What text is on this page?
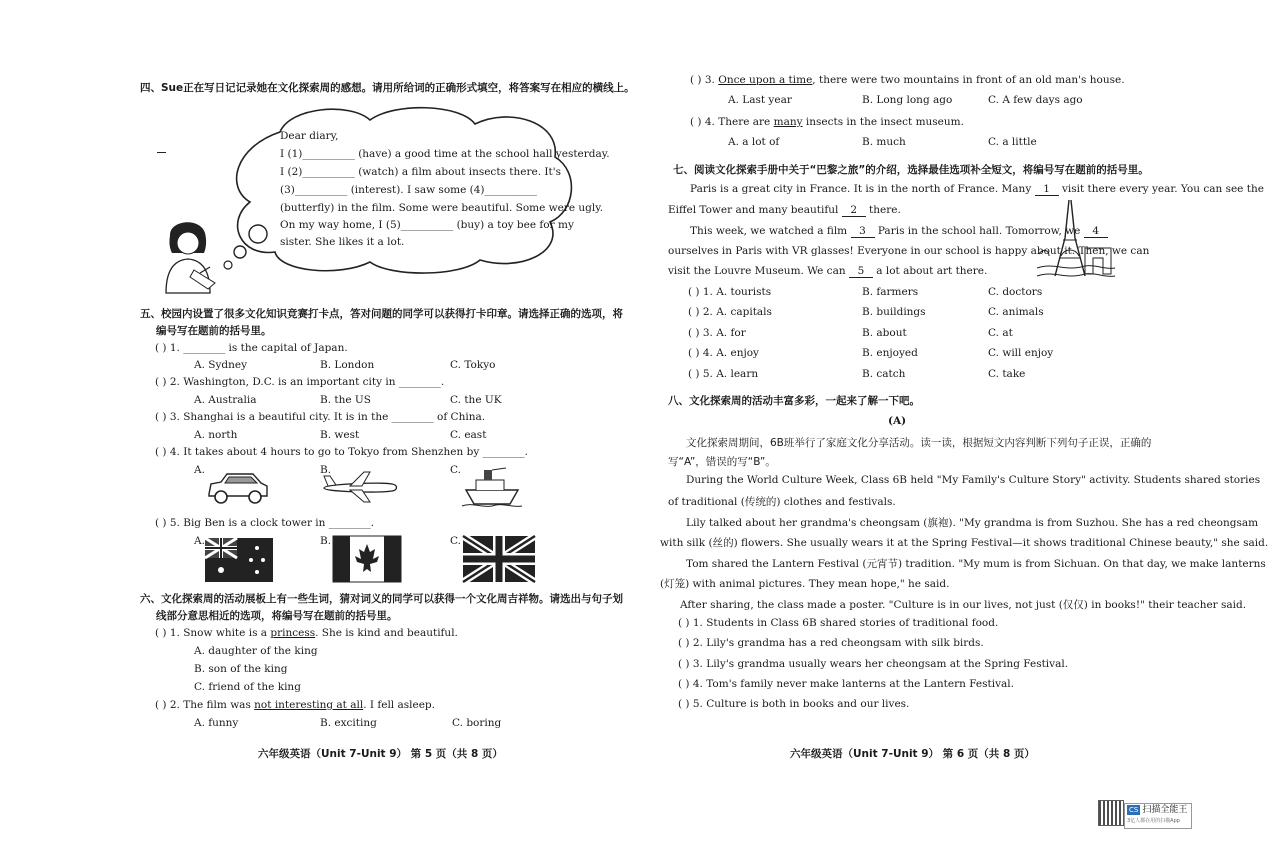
四、Sue正在写日记记录她在文化探索周的感想。请用所给词的正确形式填空，将答案写在相应的横线上。
Dear diary,
I (1)__________ (have) a good time at the school hall yesterday.
I (2)__________ (watch) a film about insects there. It's
(3)__________ (interest). I saw some (4)__________
(butterfly) in the film. Some were beautiful. Some were ugly.
On my way home, I (5)__________ (buy) a toy bee for my
sister. She likes it a lot.
五、校园内设置了很多文化知识竞赛打卡点，答对问题的同学可以获得打卡印章。请选择正确的选项，将
编号写在题前的括号里。
( ) 1. ________ is the capital of Japan.
A. Sydney	B. London	C. Tokyo
( ) 2. Washington, D.C. is an important city in ________.
A. Australia	B. the US	C. the UK
( ) 3. Shanghai is a beautiful city. It is in the ________ of China.
A. north	B. west	C. east
( ) 4. It takes about 4 hours to go to Tokyo from Shenzhen by ________.
A.	B.	C.
( ) 5. Big Ben is a clock tower in ________.
A.	B.	C.
六、文化探索周的活动展板上有一些生词，猜对词义的同学可以获得一个文化周吉祥物。请选出与句子划
线部分意思相近的选项，将编号写在题前的括号里。
( ) 1. Snow white is a princess. She is kind and beautiful.
A. daughter of the king
B. son of the king
C. friend of the king
( ) 2. The film was not interesting at all. I fell asleep.
A. funny	B. exciting	C. boring
六年级英语（Unit 7-Unit 9） 第 5 页（共 8 页）
( ) 3. Once upon a time, there were two mountains in front of an old man's house.
A. Last year	B. Long long ago	C. A few days ago
( ) 4. There are many insects in the insect museum.
A. a lot of	B. much	C. a little
七、阅读文化探索手册中关于“巴黎之旅”的介绍，选择最佳选项补全短文，将编号写在题前的括号里。
Paris is a great city in France. It is in the north of France. Many 1 visit there every year. You can see the
Eiffel Tower and many beautiful 2 there.
This week, we watched a film 3 Paris in the school hall. Tomorrow, we 4
ourselves in Paris with VR glasses! Everyone in our school is happy about it. Then, we can
visit the Louvre Museum. We can 5 a lot about art there.
( ) 1. A. tourists	B. farmers	C. doctors
( ) 2. A. capitals	B. buildings	C. animals
( ) 3. A. for	B. about	C. at
( ) 4. A. enjoy	B. enjoyed	C. will enjoy
( ) 5. A. learn	B. catch	C. take
八、文化探索周的活动丰富多彩，一起来了解一下吧。
(A)
文化探索周期间，6B班举行了家庭文化分享活动。读一读，根据短文内容判断下列句子正误，正确的
写“A”，错误的写“B”。
During the World Culture Week, Class 6B held "My Family's Culture Story" activity. Students shared stories
of traditional (传统的) clothes and festivals.
Lily talked about her grandma's cheongsam (旗袍). "My grandma is from Suzhou. She has a red cheongsam
with silk (丝的) flowers. She usually wears it at the Spring Festival—it shows traditional Chinese beauty," she said.
Tom shared the Lantern Festival (元宵节) tradition. "My mum is from Sichuan. On that day, we make lanterns
(灯笼) with animal pictures. They mean hope," he said.
After sharing, the class made a poster. "Culture is in our lives, not just (仅仅) in books!" their teacher said.
( ) 1. Students in Class 6B shared stories of traditional food.
( ) 2. Lily's grandma has a red cheongsam with silk birds.
( ) 3. Lily's grandma usually wears her cheongsam at the Spring Festival.
( ) 4. Tom's family never make lanterns at the Lantern Festival.
( ) 5. Culture is both in books and our lives.
六年级英语（Unit 7-Unit 9） 第 6 页（共 8 页）
CS 扫描全能王
3亿人都在用的扫描App
